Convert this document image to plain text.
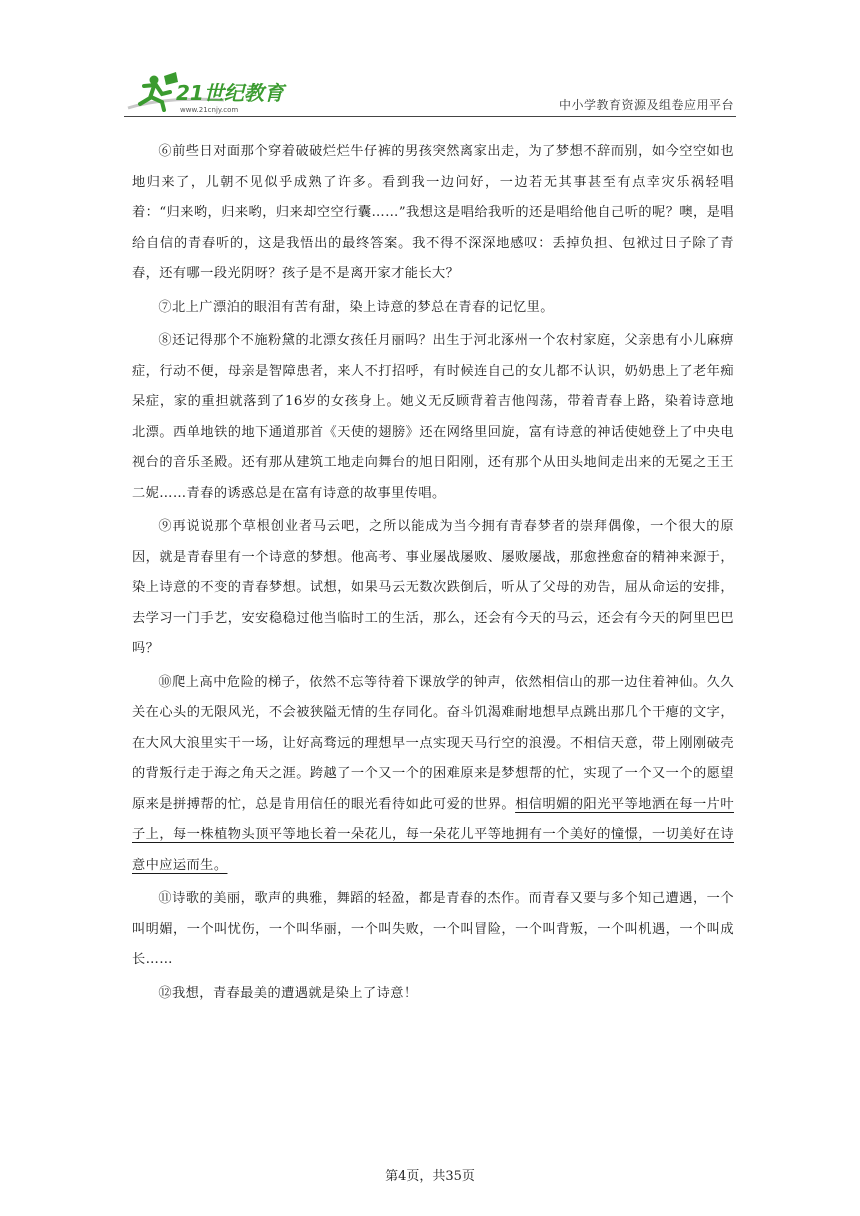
21世纪教育
www.21cnjy.com	中小学教育资源及组卷应用平台

⑥前些日对面那个穿着破破烂烂牛仔裤的男孩突然离家出走，为了梦想不辞而别，如今空空如也地归来了，儿朝不见似乎成熟了许多。看到我一边问好，一边若无其事甚至有点幸灾乐祸轻唱着：“归来哟，归来哟，归来却空空行囊……”我想这是唱给我听的还是唱给他自己听的呢？噢，是唱给自信的青春听的，这是我悟出的最终答案。我不得不深深地感叹：丢掉负担、包袱过日子除了青春，还有哪一段光阴呀？孩子是不是离开家才能长大？

⑦北上广漂泊的眼泪有苦有甜，染上诗意的梦总在青春的记忆里。

⑧还记得那个不施粉黛的北漂女孩任月丽吗？出生于河北涿州一个农村家庭，父亲患有小儿麻痹症，行动不便，母亲是智障患者，来人不打招呼，有时候连自己的女儿都不认识，奶奶患上了老年痴呆症，家的重担就落到了16岁的女孩身上。她义无反顾背着吉他闯荡，带着青春上路，染着诗意地北漂。西单地铁的地下通道那首《天使的翅膀》还在网络里回旋，富有诗意的神话使她登上了中央电视台的音乐圣殿。还有那从建筑工地走向舞台的旭日阳刚，还有那个从田头地间走出来的无冕之王王二妮……青春的诱惑总是在富有诗意的故事里传唱。

⑨再说说那个草根创业者马云吧，之所以能成为当今拥有青春梦者的崇拜偶像，一个很大的原因，就是青春里有一个诗意的梦想。他高考、事业屡战屡败、屡败屡战，那愈挫愈奋的精神来源于，染上诗意的不变的青春梦想。试想，如果马云无数次跌倒后，听从了父母的劝告，屈从命运的安排，去学习一门手艺，安安稳稳过他当临时工的生活，那么，还会有今天的马云，还会有今天的阿里巴巴吗？

⑩爬上高中危险的梯子，依然不忘等待着下课放学的钟声，依然相信山的那一边住着神仙。久久关在心头的无限风光，不会被狭隘无情的生存同化。奋斗饥渴难耐地想早点跳出那几个干瘪的文字，在大风大浪里实干一场，让好高骛远的理想早一点实现天马行空的浪漫。不相信天意，带上刚刚破壳的背叛行走于海之角天之涯。跨越了一个又一个的困难原来是梦想帮的忙，实现了一个又一个的愿望原来是拼搏帮的忙，总是肯用信任的眼光看待如此可爱的世界。相信明媚的阳光平等地洒在每一片叶子上，每一株植物头顶平等地长着一朵花儿，每一朵花儿平等地拥有一个美好的憧憬，一切美好在诗意中应运而生。

⑪诗歌的美丽，歌声的典雅，舞蹈的轻盈，都是青春的杰作。而青春又要与多个知己遭遇，一个叫明媚，一个叫忧伤，一个叫华丽，一个叫失败，一个叫冒险，一个叫背叛，一个叫机遇，一个叫成长……

⑫我想，青春最美的遭遇就是染上了诗意！

第4页，共35页
